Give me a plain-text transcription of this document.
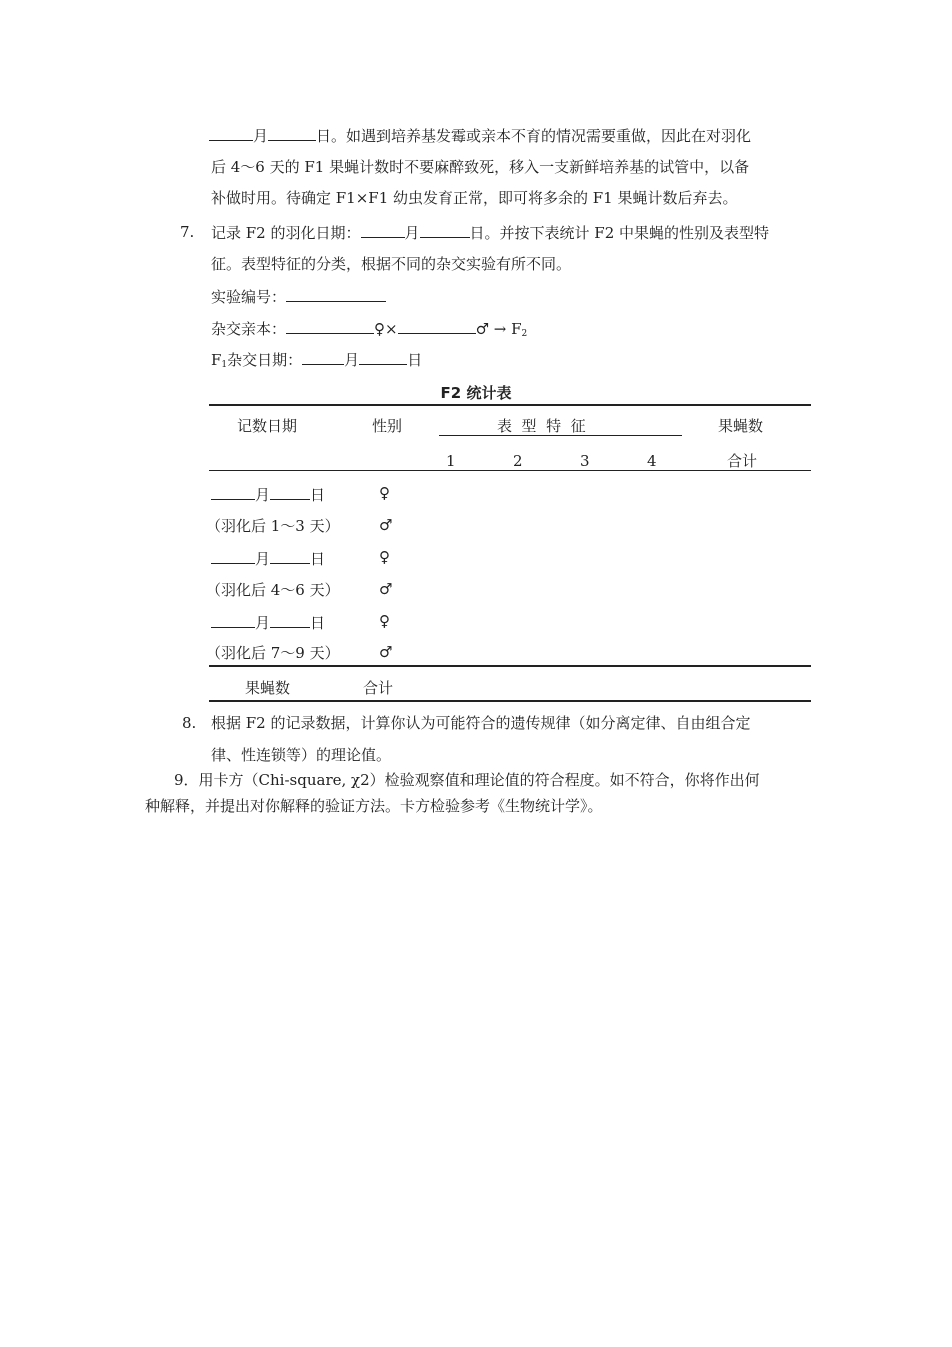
月	日。如遇到培养基发霉或亲本不育的情况需要重做，因此在对羽化
后 4～6 天的 F1 果蝇计数时不要麻醉致死，移入一支新鲜培养基的试管中，以备
补做时用。待确定 F1×F1 幼虫发育正常，即可将多余的 F1 果蝇计数后弃去。
7. 记录 F2 的羽化日期：	月	日。并按下表统计 F2 中果蝇的性别及表型特
征。表型特征的分类，根据不同的杂交实验有所不同。
实验编号：
杂交亲本：	♀×	♂ → $F_2$
$F_1$杂交日期：	月	日
F2 统计表
记数日期	性别	表  型  特  征	果蝇数
1	2	3	4	合计
月	日	♀
（羽化后 1～3 天）	♂
月	日	♀
（羽化后 4～6 天）	♂
月	日	♀
（羽化后 7～9 天）	♂
果蝇数	合计
8. 根据 F2 的记录数据，计算你认为可能符合的遗传规律（如分离定律、自由组合定
律、性连锁等）的理论值。
9．用卡方（Chi-square, χ2）检验观察值和理论值的符合程度。如不符合，你将作出何
种解释，并提出对你解释的验证方法。卡方检验参考《生物统计学》。
